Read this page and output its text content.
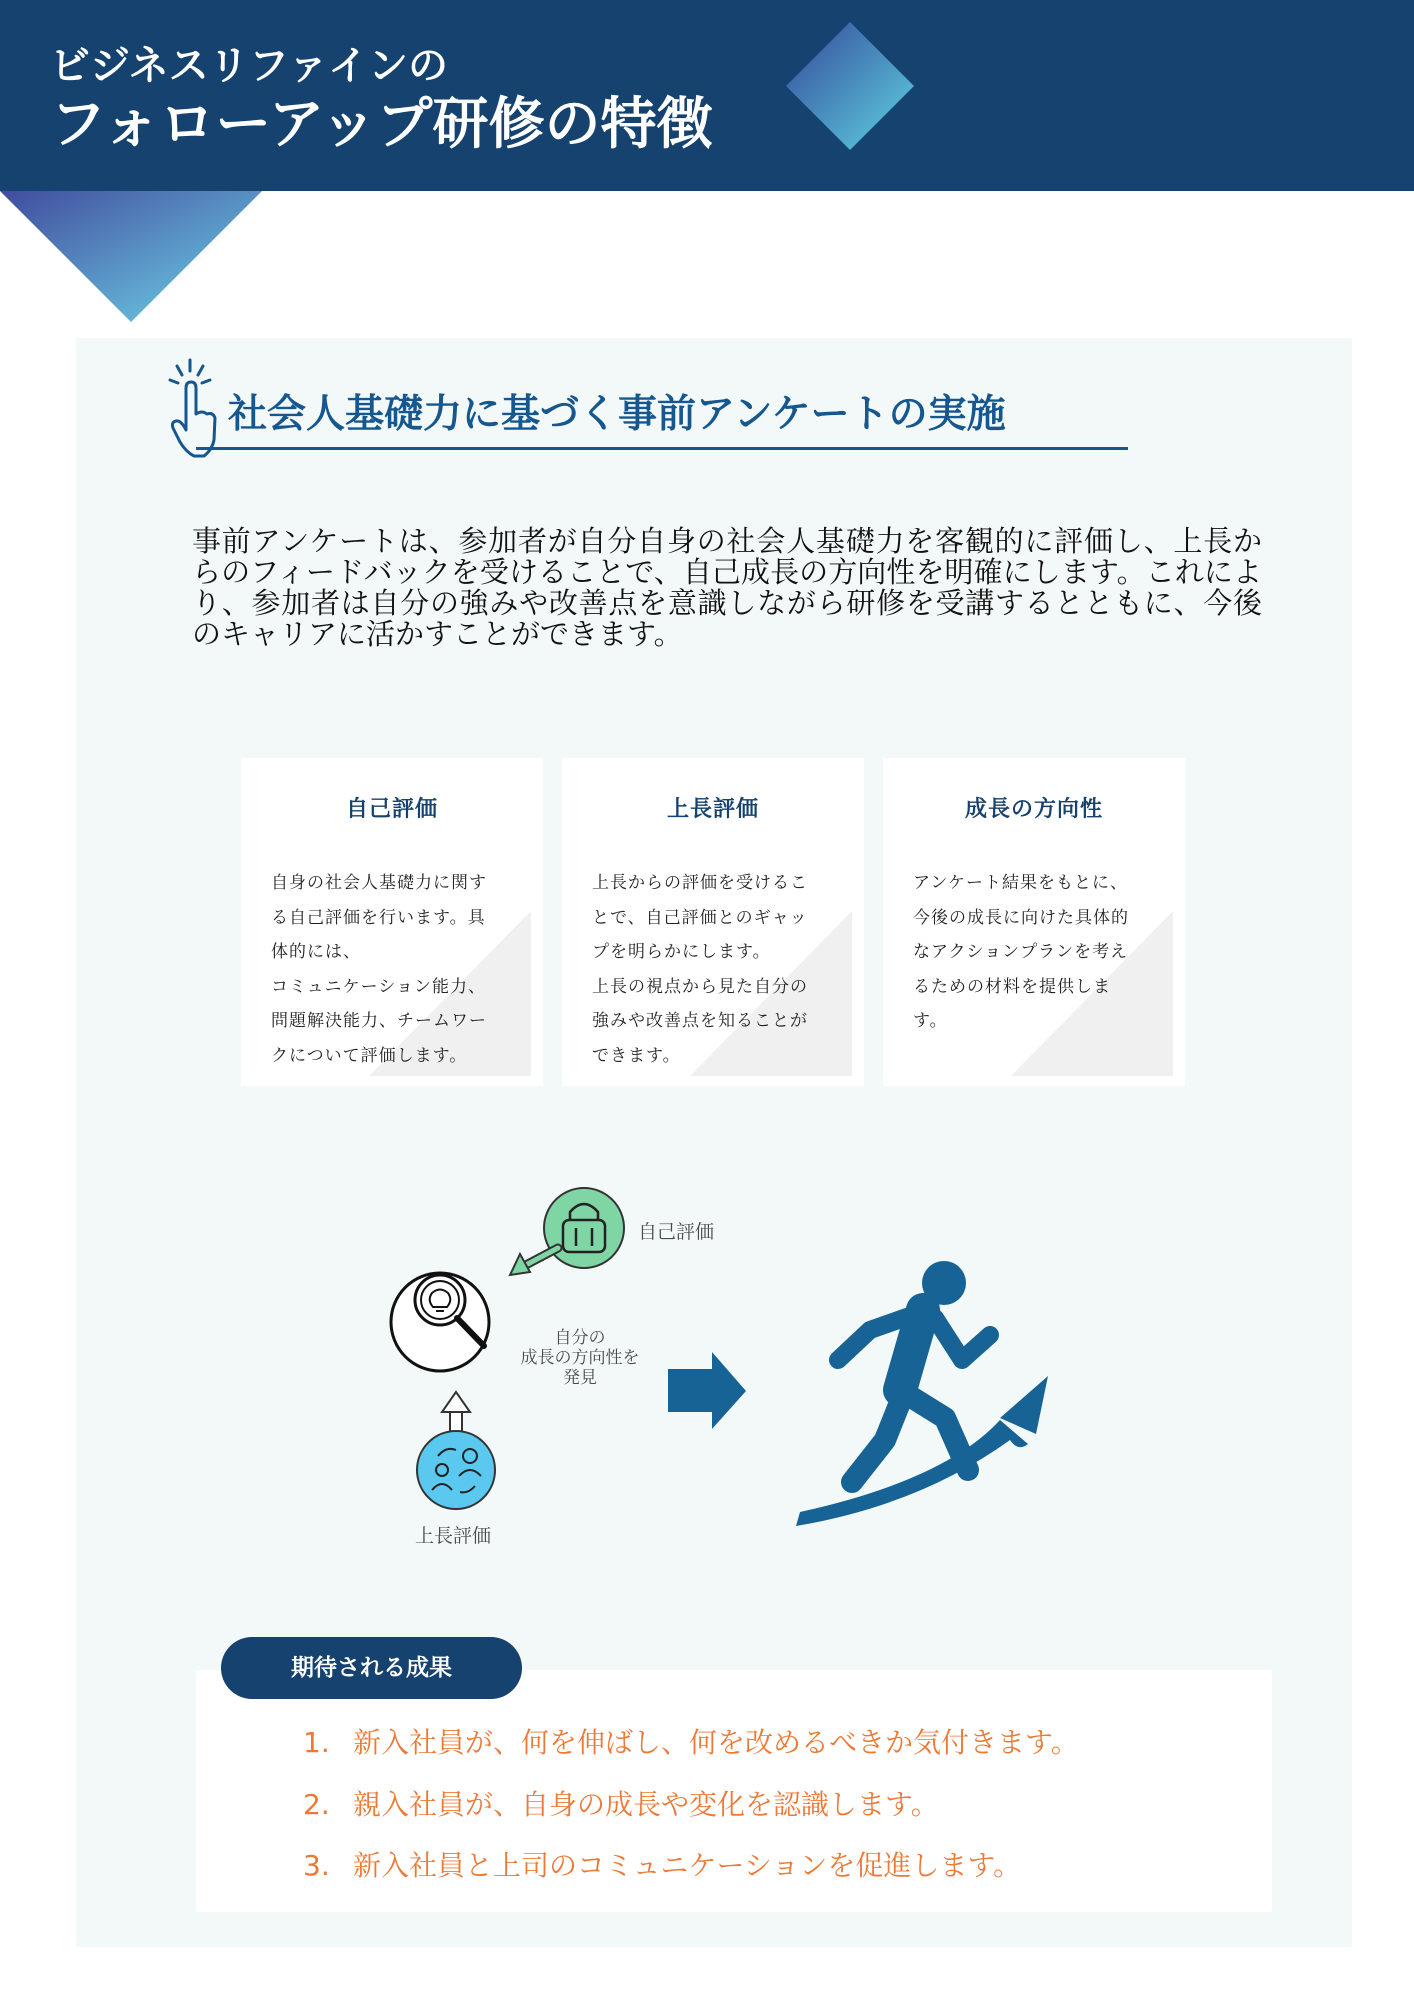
ビジネスリファインの
フォローアップ研修の特徴
社会人基礎力に基づく事前アンケートの実施

事前アンケートは、参加者が自分自身の社会人基礎力を客観的に評価し、上長からのフィードバックを受けることで、自己成長の方向性を明確にします。これにより、参加者は自分の強みや改善点を意識しながら研修を受講するとともに、今後のキャリアに活かすことができます。

自己評価

自身の社会人基礎力に関す
る自己評価を行います。具
体的には、
コミュニケーション能力、
問題解決能力、チームワー
クについて評価します。

上長評価

上長からの評価を受けるこ
とで、自己評価とのギャッ
プを明らかにします。
上長の視点から見た自分の
強みや改善点を知ることが
できます。

成長の方向性

アンケート結果をもとに、
今後の成長に向けた具体的
なアクションプランを考え
るための材料を提供しま
す。

自己評価
上長評価
自分の
成長の方向性を
発見
期待される成果
1. 新入社員が、何を伸ばし、何を改めるべきか気付きます。
2. 親入社員が、自身の成長や変化を認識します。
3. 新入社員と上司のコミュニケーションを促進します。
